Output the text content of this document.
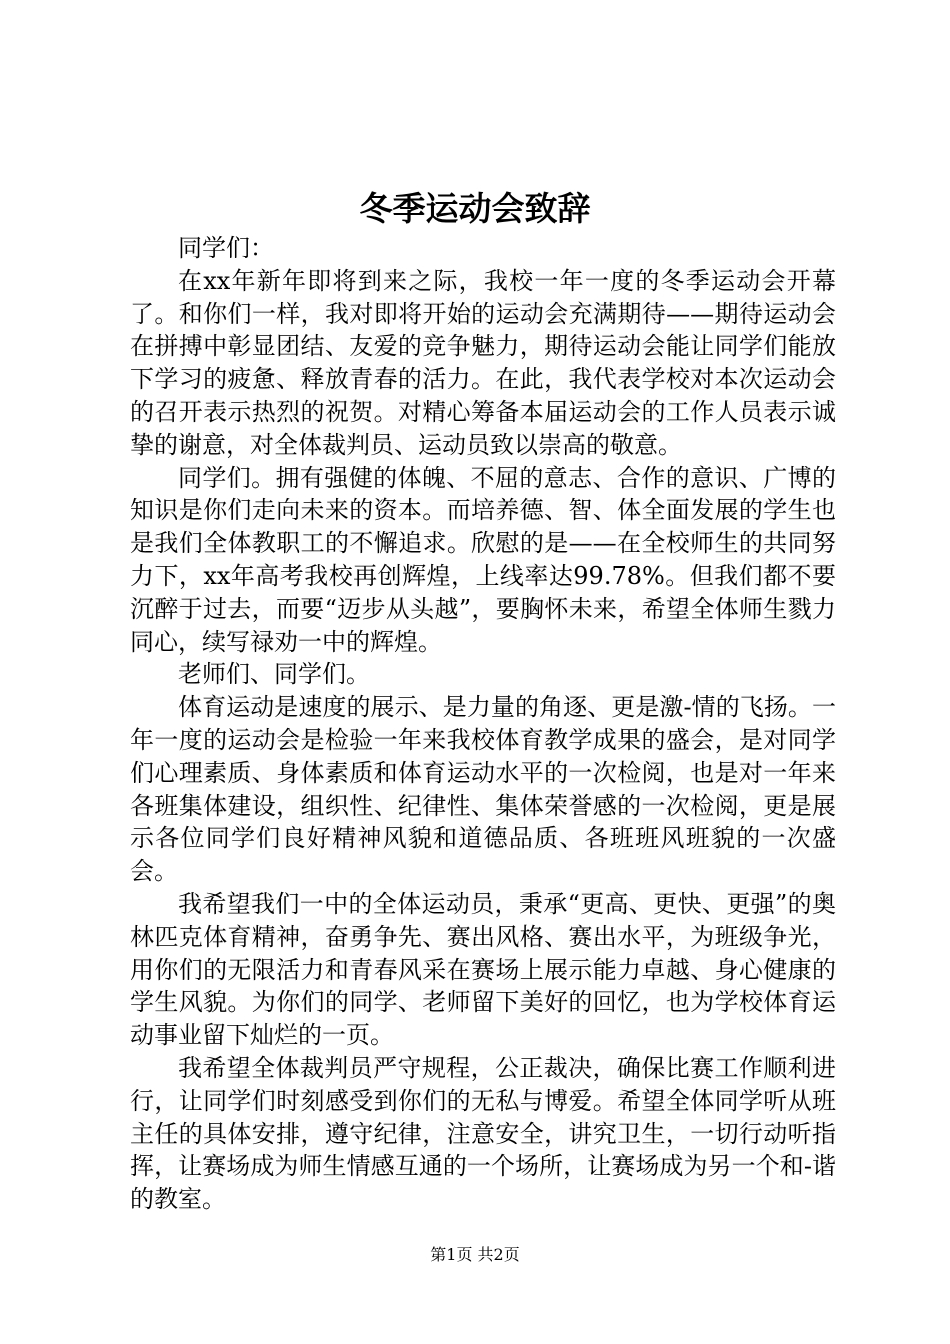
冬季运动会致辞

同学们：

在xx年新年即将到来之际，我校一年一度的冬季运动会开幕了。和你们一样，我对即将开始的运动会充满期待——期待运动会在拼搏中彰显团结、友爱的竞争魅力，期待运动会能让同学们能放下学习的疲惫、释放青春的活力。在此，我代表学校对本次运动会的召开表示热烈的祝贺。对精心筹备本届运动会的工作人员表示诚挚的谢意，对全体裁判员、运动员致以崇高的敬意。

同学们。拥有强健的体魄、不屈的意志、合作的意识、广博的知识是你们走向未来的资本。而培养德、智、体全面发展的学生也是我们全体教职工的不懈追求。欣慰的是——在全校师生的共同努力下，xx年高考我校再创辉煌，上线率达99.78%。但我们都不要沉醉于过去，而要“迈步从头越”，要胸怀未来，希望全体师生戮力同心，续写禄劝一中的辉煌。

老师们、同学们。

体育运动是速度的展示、是力量的角逐、更是激-情的飞扬。一年一度的运动会是检验一年来我校体育教学成果的盛会，是对同学们心理素质、身体素质和体育运动水平的一次检阅，也是对一年来各班集体建设，组织性、纪律性、集体荣誉感的一次检阅，更是展示各位同学们良好精神风貌和道德品质、各班班风班貌的一次盛会。

我希望我们一中的全体运动员，秉承“更高、更快、更强”的奥林匹克体育精神，奋勇争先、赛出风格、赛出水平，为班级争光，用你们的无限活力和青春风采在赛场上展示能力卓越、身心健康的学生风貌。为你们的同学、老师留下美好的回忆，也为学校体育运动事业留下灿烂的一页。

我希望全体裁判员严守规程，公正裁决，确保比赛工作顺利进行，让同学们时刻感受到你们的无私与博爱。希望全体同学听从班主任的具体安排，遵守纪律，注意安全，讲究卫生，一切行动听指挥，让赛场成为师生情感互通的一个场所，让赛场成为另一个和-谐的教室。

第1页 共2页
